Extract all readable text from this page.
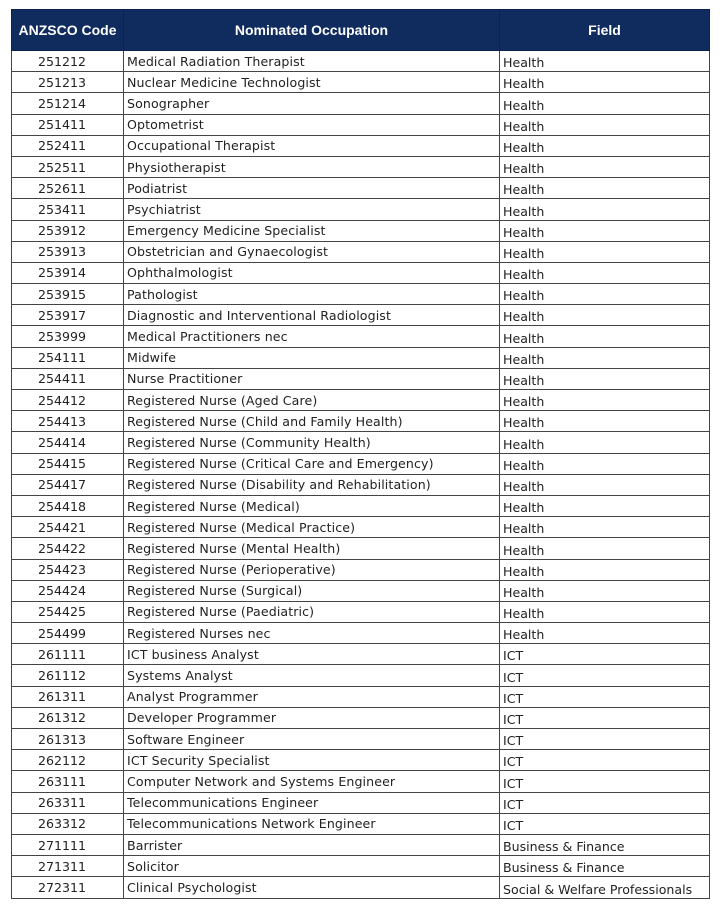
ANZSCO Code	Nominated Occupation	Field
251212	Medical Radiation Therapist	Health
251213	Nuclear Medicine Technologist	Health
251214	Sonographer	Health
251411	Optometrist	Health
252411	Occupational Therapist	Health
252511	Physiotherapist	Health
252611	Podiatrist	Health
253411	Psychiatrist	Health
253912	Emergency Medicine Specialist	Health
253913	Obstetrician and Gynaecologist	Health
253914	Ophthalmologist	Health
253915	Pathologist	Health
253917	Diagnostic and Interventional Radiologist	Health
253999	Medical Practitioners nec	Health
254111	Midwife	Health
254411	Nurse Practitioner	Health
254412	Registered Nurse (Aged Care)	Health
254413	Registered Nurse (Child and Family Health)	Health
254414	Registered Nurse (Community Health)	Health
254415	Registered Nurse (Critical Care and Emergency)	Health
254417	Registered Nurse (Disability and Rehabilitation)	Health
254418	Registered Nurse (Medical)	Health
254421	Registered Nurse (Medical Practice)	Health
254422	Registered Nurse (Mental Health)	Health
254423	Registered Nurse (Perioperative)	Health
254424	Registered Nurse (Surgical)	Health
254425	Registered Nurse (Paediatric)	Health
254499	Registered Nurses nec	Health
261111	ICT business Analyst	ICT
261112	Systems Analyst	ICT
261311	Analyst Programmer	ICT
261312	Developer Programmer	ICT
261313	Software Engineer	ICT
262112	ICT Security Specialist	ICT
263111	Computer Network and Systems Engineer	ICT
263311	Telecommunications Engineer	ICT
263312	Telecommunications Network Engineer	ICT
271111	Barrister	Business & Finance
271311	Solicitor	Business & Finance
272311	Clinical Psychologist	Social & Welfare Professionals
